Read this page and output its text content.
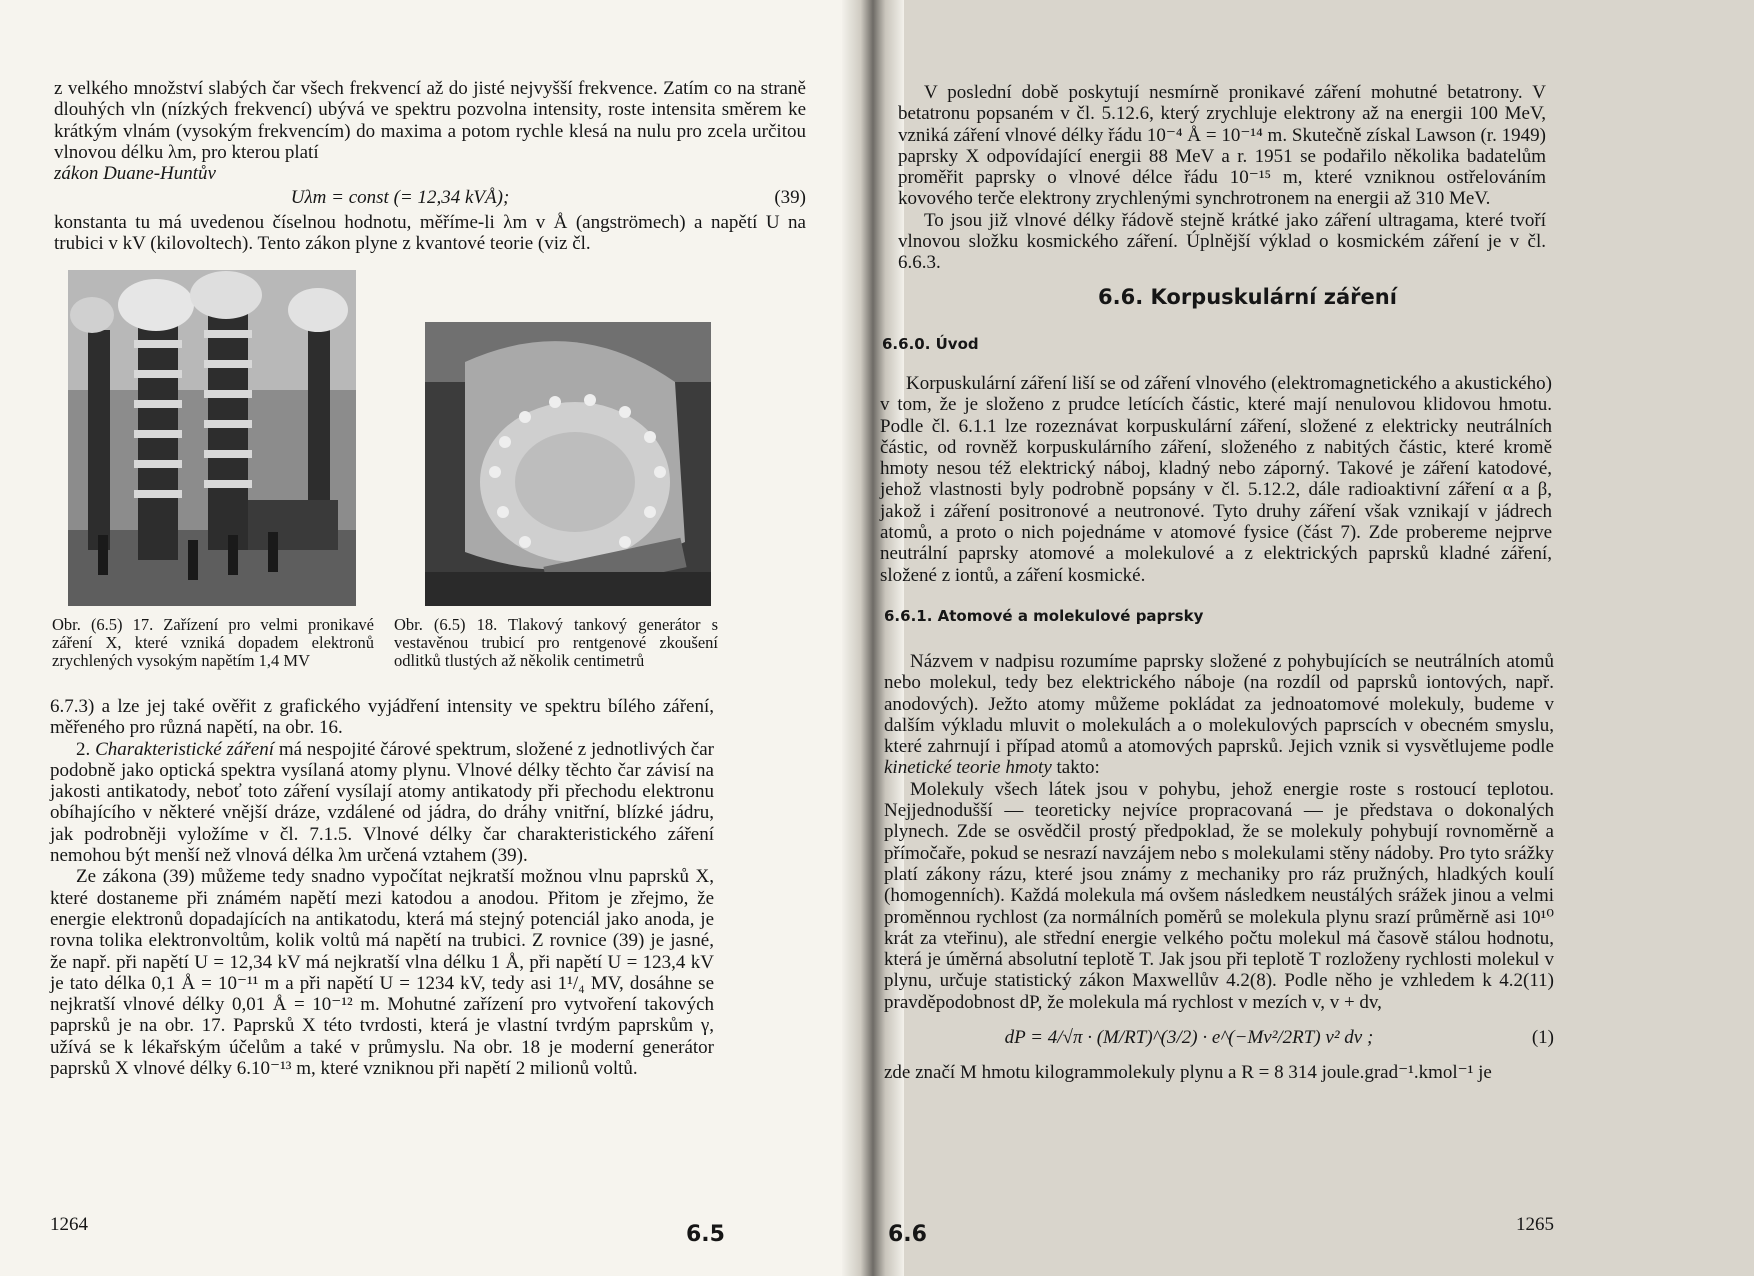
z velkého množství slabých čar všech frekvencí až do jisté nejvyšší frekvence. Zatím co na straně dlouhých vln (nízkých frekvencí) ubývá ve spektru pozvolna intensity, roste intensita směrem ke krátkým vlnám (vysokým frekvencím) do maxima a potom rychle klesá na nulu pro zcela určitou vlnovou délku λm, pro kterou platí

zákon Duane-Huntův

Uλm = const (= 12,34 kVÅ);	(39)

konstanta tu má uvedenou číselnou hodnotu, měříme-li λm v Å (angströmech) a napětí U na trubici v kV (kilovoltech). Tento zákon plyne z kvantové teorie (viz čl.

Obr. (6.5) 17. Zařízení pro velmi pronikavé záření X, které vzniká dopadem elektronů zrychlených vysokým napětím 1,4 MV
Obr. (6.5) 18. Tlakový tankový generátor s vestavěnou trubicí pro rentgenové zkoušení odlitků tlustých až několik centimetrů

6.7.3) a lze jej také ověřit z grafického vyjádření intensity ve spektru bílého záření, měřeného pro různá napětí, na obr. 16.

2. Charakteristické záření má nespojité čárové spektrum, složené z jednotlivých čar podobně jako optická spektra vysílaná atomy plynu. Vlnové délky těchto čar závisí na jakosti antikatody, neboť toto záření vysílají atomy antikatody při přechodu elektronu obíhajícího v některé vnější dráze, vzdálené od jádra, do dráhy vnitřní, blízké jádru, jak podrobněji vyložíme v čl. 7.1.5. Vlnové délky čar charakteristického záření nemohou být menší než vlnová délka λm určená vztahem (39).

Ze zákona (39) můžeme tedy snadno vypočítat nejkratší možnou vlnu paprsků X, které dostaneme při známém napětí mezi katodou a anodou. Přitom je zřejmo, že energie elektronů dopadajících na antikatodu, která má stejný potenciál jako anoda, je rovna tolika elektronvoltům, kolik voltů má napětí na trubici. Z rovnice (39) je jasné, že např. při napětí U = 12,34 kV má nejkratší vlna délku 1 Å, při napětí U = 123,4 kV je tato délka 0,1 Å = 10⁻¹¹ m a při napětí U = 1234 kV, tedy asi 1¹/₄ MV, dosáhne se nejkratší vlnové délky 0,01 Å = 10⁻¹² m. Mohutné zařízení pro vytvoření takových paprsků je na obr. 17. Paprsků X této tvrdosti, která je vlastní tvrdým paprskům γ, užívá se k lékařským účelům a také v průmyslu. Na obr. 18 je moderní generátor paprsků X vlnové délky 6.10⁻¹³ m, které vzniknou při napětí 2 milionů voltů.

1264	6.5

V poslední době poskytují nesmírně pronikavé záření mohutné betatrony. V betatronu popsaném v čl. 5.12.6, který zrychluje elektrony až na energii 100 MeV, vzniká záření vlnové délky řádu 10⁻⁴ Å = 10⁻¹⁴ m. Skutečně získal Lawson (r. 1949) paprsky X odpovídající energii 88 MeV a r. 1951 se podařilo několika badatelům proměřit paprsky o vlnové délce řádu 10⁻¹⁵ m, které vzniknou ostřelováním kovového terče elektrony zrychlenými synchrotronem na energii až 310 MeV.

To jsou již vlnové délky řádově stejně krátké jako záření ultragama, které tvoří vlnovou složku kosmického záření. Úplnější výklad o kosmickém záření je v čl. 6.6.3.

6.6. Korpuskulární záření
6.6.0. Úvod

Korpuskulární záření liší se od záření vlnového (elektromagnetického a akustického) v tom, že je složeno z prudce letících částic, které mají nenulovou klidovou hmotu. Podle čl. 6.1.1 lze rozeznávat korpuskulární záření, složené z elektricky neutrálních částic, od rovněž korpuskulárního záření, složeného z nabitých částic, které kromě hmoty nesou též elektrický náboj, kladný nebo záporný. Takové je záření katodové, jehož vlastnosti byly podrobně popsány v čl. 5.12.2, dále radioaktivní záření α a β, jakož i záření positronové a neutronové. Tyto druhy záření však vznikají v jádrech atomů, a proto o nich pojednáme v atomové fysice (část 7). Zde probereme nejprve neutrální paprsky atomové a molekulové a z elektrických paprsků kladné záření, složené z iontů, a záření kosmické.

6.6.1. Atomové a molekulové paprsky

Názvem v nadpisu rozumíme paprsky složené z pohybujících se neutrálních atomů nebo molekul, tedy bez elektrického náboje (na rozdíl od paprsků iontových, např. anodových). Ježto atomy můžeme pokládat za jednoatomové molekuly, budeme v dalším výkladu mluvit o molekulách a o molekulových paprscích v obecném smyslu, které zahrnují i případ atomů a atomových paprsků. Jejich vznik si vysvětlujeme podle kinetické teorie hmoty takto:

Molekuly všech látek jsou v pohybu, jehož energie roste s rostoucí teplotou. Nejjednodušší — teoreticky nejvíce propracovaná — je představa o dokonalých plynech. Zde se osvědčil prostý předpoklad, že se molekuly pohybují rovnoměrně a přímočaře, pokud se nesrazí navzájem nebo s molekulami stěny nádoby. Pro tyto srážky platí zákony rázu, které jsou známy z mechaniky pro ráz pružných, hladkých koulí (homogenních). Každá molekula má ovšem následkem neustálých srážek jinou a velmi proměnnou rychlost (za normálních poměrů se molekula plynu srazí průměrně asi 10¹⁰ krát za vteřinu), ale střední energie velkého počtu molekul má časově stálou hodnotu, která je úměrná absolutní teplotě T. Jak jsou při teplotě T rozloženy rychlosti molekul v plynu, určuje statistický zákon Maxwellův 4.2(8). Podle něho je vzhledem k 4.2(11) pravděpodobnost dP, že molekula má rychlost v mezích v, v + dv,

dP = 4/√π · (M/RT)^(3/2) · e^(−Mv²/2RT) v² dv ;	(1)

zde značí M hmotu kilogrammolekuly plynu a R = 8 314 joule.grad⁻¹.kmol⁻¹ je

6.6	1265
